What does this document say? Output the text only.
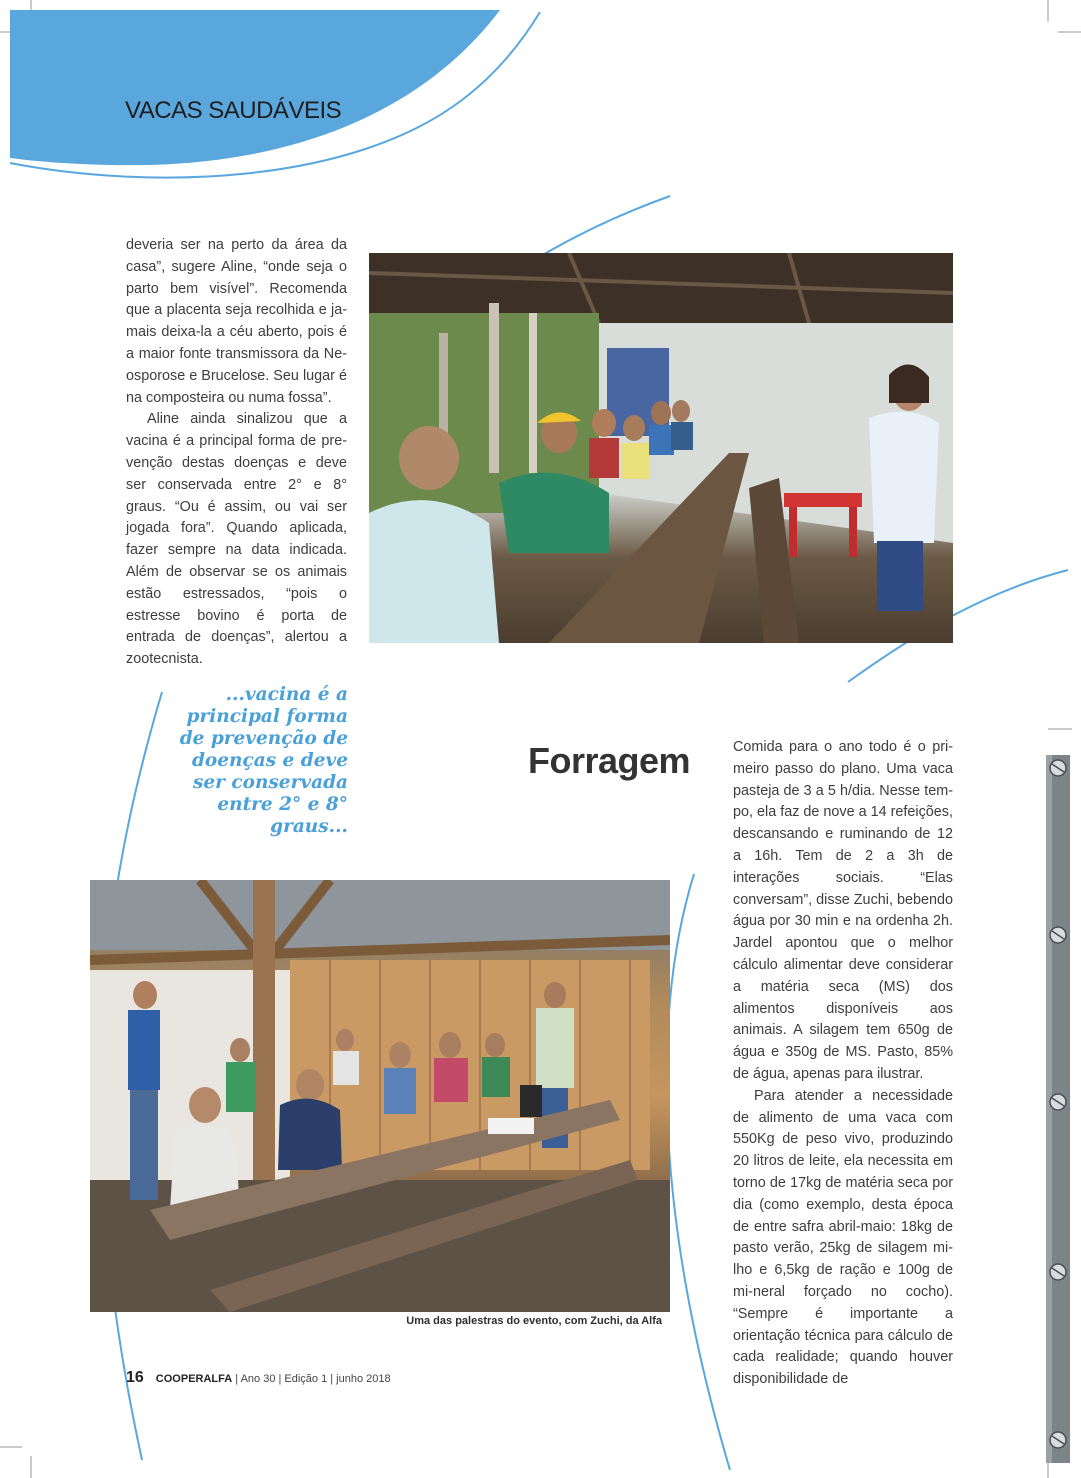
VACAS SAUDÁVEIS

deveria ser na perto da área da casa”, sugere Aline, “onde seja o parto bem visível”. Recomenda que a placenta seja recolhida e ja-mais deixa-la a céu aberto, pois é a maior fonte transmissora da Ne-osporose e Brucelose. Seu lugar é na composteira ou numa fossa”.

Aline ainda sinalizou que a vacina é a principal forma de pre-venção destas doenças e deve ser conservada entre 2° e 8° graus. “Ou é assim, ou vai ser jogada fora”. Quando aplicada, fazer sempre na data indicada. Além de observar se os animais estão estressados, “pois o estresse bovino é porta de entrada de doenças”, alertou a zootecnista.

...vacina é a principal forma de prevenção de doenças e deve ser conservada entre 2° e 8° graus...
Forragem	Comida para o ano todo é o pri-meiro passo do plano. Uma vaca pasteja de 3 a 5 h/dia. Nesse tem-po, ela faz de nove a 14 refeições, descansando e ruminando de 12 a 16h. Tem de 2 a 3h de interações sociais. “Elas conversam”, disse Zuchi, bebendo água por 30 min e na ordenha 2h. Jardel apontou que o melhor cálculo alimentar deve considerar a matéria seca (MS) dos alimentos disponíveis aos animais. A silagem tem 650g de água e 350g de MS. Pasto, 85% de água, apenas para ilustrar.

Para atender a necessidade de alimento de uma vaca com 550Kg de peso vivo, produzindo 20 litros de leite, ela necessita em torno de 17kg de matéria seca por dia (como exemplo, desta época de entre safra abril-maio: 18kg de pasto verão, 25kg de silagem mi-lho e 6,5kg de ração e 100g de mi-neral forçado no cocho). “Sempre é importante a orientação técnica para cálculo de cada realidade; quando houver disponibilidade de

Uma das palestras do evento, com Zuchi, da Alfa
16 COOPERALFA | Ano 30 | Edição 1 | junho 2018
